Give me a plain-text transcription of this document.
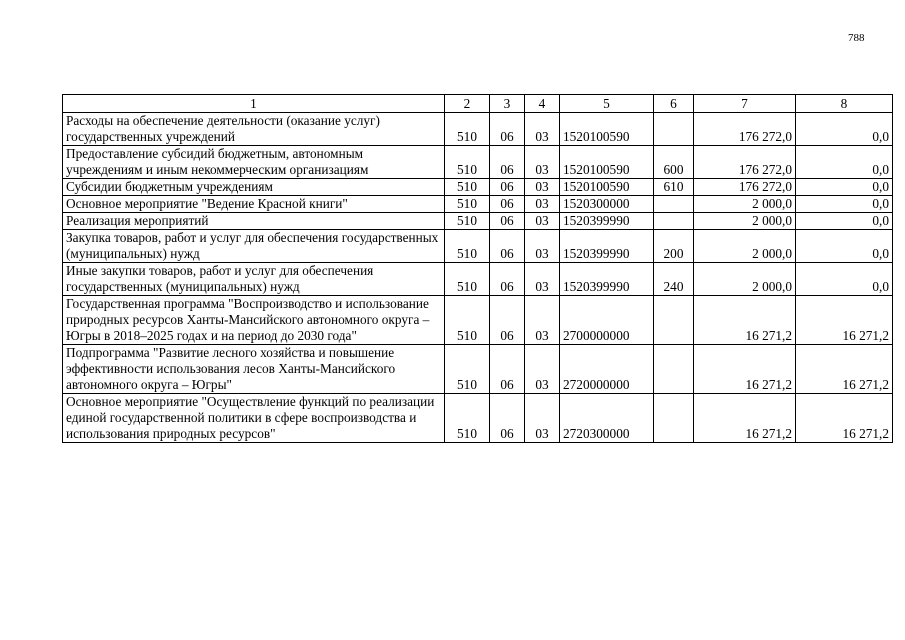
788
1	2	3	4	5	6	7	8
Расходы на обеспечение деятельности (оказание услуг) государственных учреждений	510	06	03	1520100590		176 272,0	0,0
Предоставление субсидий бюджетным, автономным учреждениям и иным некоммерческим организациям	510	06	03	1520100590	600	176 272,0	0,0
Субсидии бюджетным учреждениям	510	06	03	1520100590	610	176 272,0	0,0
Основное мероприятие "Ведение Красной книги"	510	06	03	1520300000		2 000,0	0,0
Реализация мероприятий	510	06	03	1520399990		2 000,0	0,0
Закупка товаров, работ и услуг для обеспечения государственных (муниципальных) нужд	510	06	03	1520399990	200	2 000,0	0,0
Иные закупки товаров, работ и услуг для обеспечения государственных (муниципальных) нужд	510	06	03	1520399990	240	2 000,0	0,0
Государственная программа "Воспроизводство и использование природных ресурсов Ханты-Мансийского автономного округа – Югры в 2018–2025 годах и на период до 2030 года"	510	06	03	2700000000		16 271,2	16 271,2
Подпрограмма "Развитие лесного хозяйства и повышение эффективности использования лесов Ханты-Мансийского автономного округа – Югры"	510	06	03	2720000000		16 271,2	16 271,2
Основное мероприятие "Осуществление функций по реализации единой государственной политики в сфере воспроизводства и использования природных ресурсов"	510	06	03	2720300000		16 271,2	16 271,2
